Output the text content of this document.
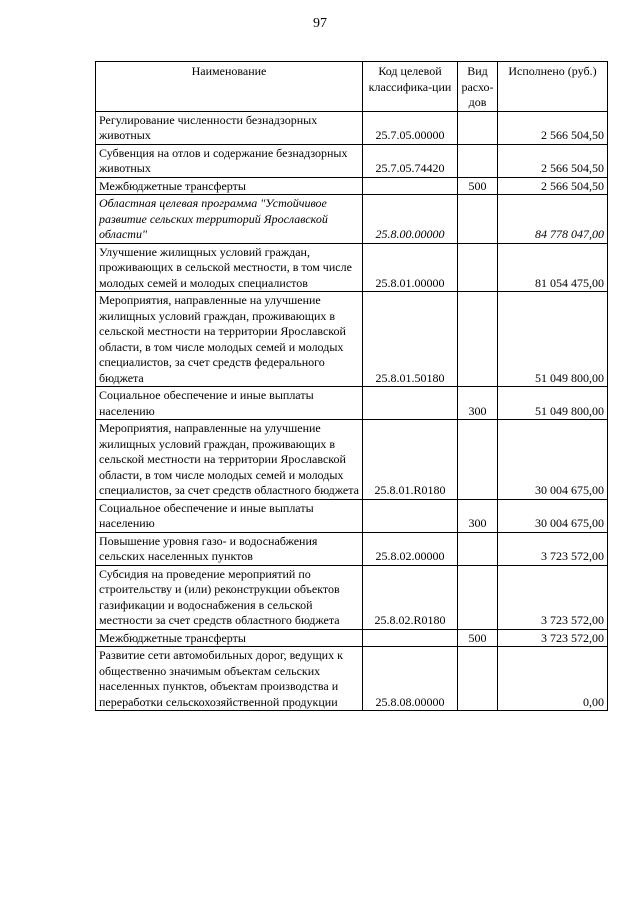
97
Наименование	Код целевой классифика-ции	Вид расхо-дов	Исполнено (руб.)
Регулирование численности безнадзорных животных	25.7.05.00000		2 566 504,50
Субвенция на отлов и содержание безнадзорных животных	25.7.05.74420		2 566 504,50
Межбюджетные трансферты		500	2 566 504,50
Областная целевая программа "Устойчивое развитие сельских территорий Ярославской области"	25.8.00.00000		84 778 047,00
Улучшение жилищных условий граждан, проживающих в сельской местности, в том числе молодых семей и молодых специалистов	25.8.01.00000		81 054 475,00
Мероприятия, направленные на улучшение жилищных условий граждан, проживающих в сельской местности на территории Ярославской области, в том числе молодых семей и молодых специалистов, за счет средств федерального бюджета	25.8.01.50180		51 049 800,00
Социальное обеспечение и иные выплаты населению		300	51 049 800,00
Мероприятия, направленные на улучшение жилищных условий граждан, проживающих в сельской местности на территории Ярославской области, в том числе молодых семей и молодых специалистов, за счет средств областного бюджета	25.8.01.R0180		30 004 675,00
Социальное обеспечение и иные выплаты населению		300	30 004 675,00
Повышение уровня газо- и водоснабжения сельских населенных пунктов	25.8.02.00000		3 723 572,00
Субсидия на проведение мероприятий по строительству и (или) реконструкции объектов газификации и водоснабжения в сельской местности за счет средств областного бюджета	25.8.02.R0180		3 723 572,00
Межбюджетные трансферты		500	3 723 572,00
Развитие сети автомобильных дорог, ведущих к общественно значимым объектам сельских населенных пунктов, объектам производства и переработки сельскохозяйственной продукции	25.8.08.00000		0,00
